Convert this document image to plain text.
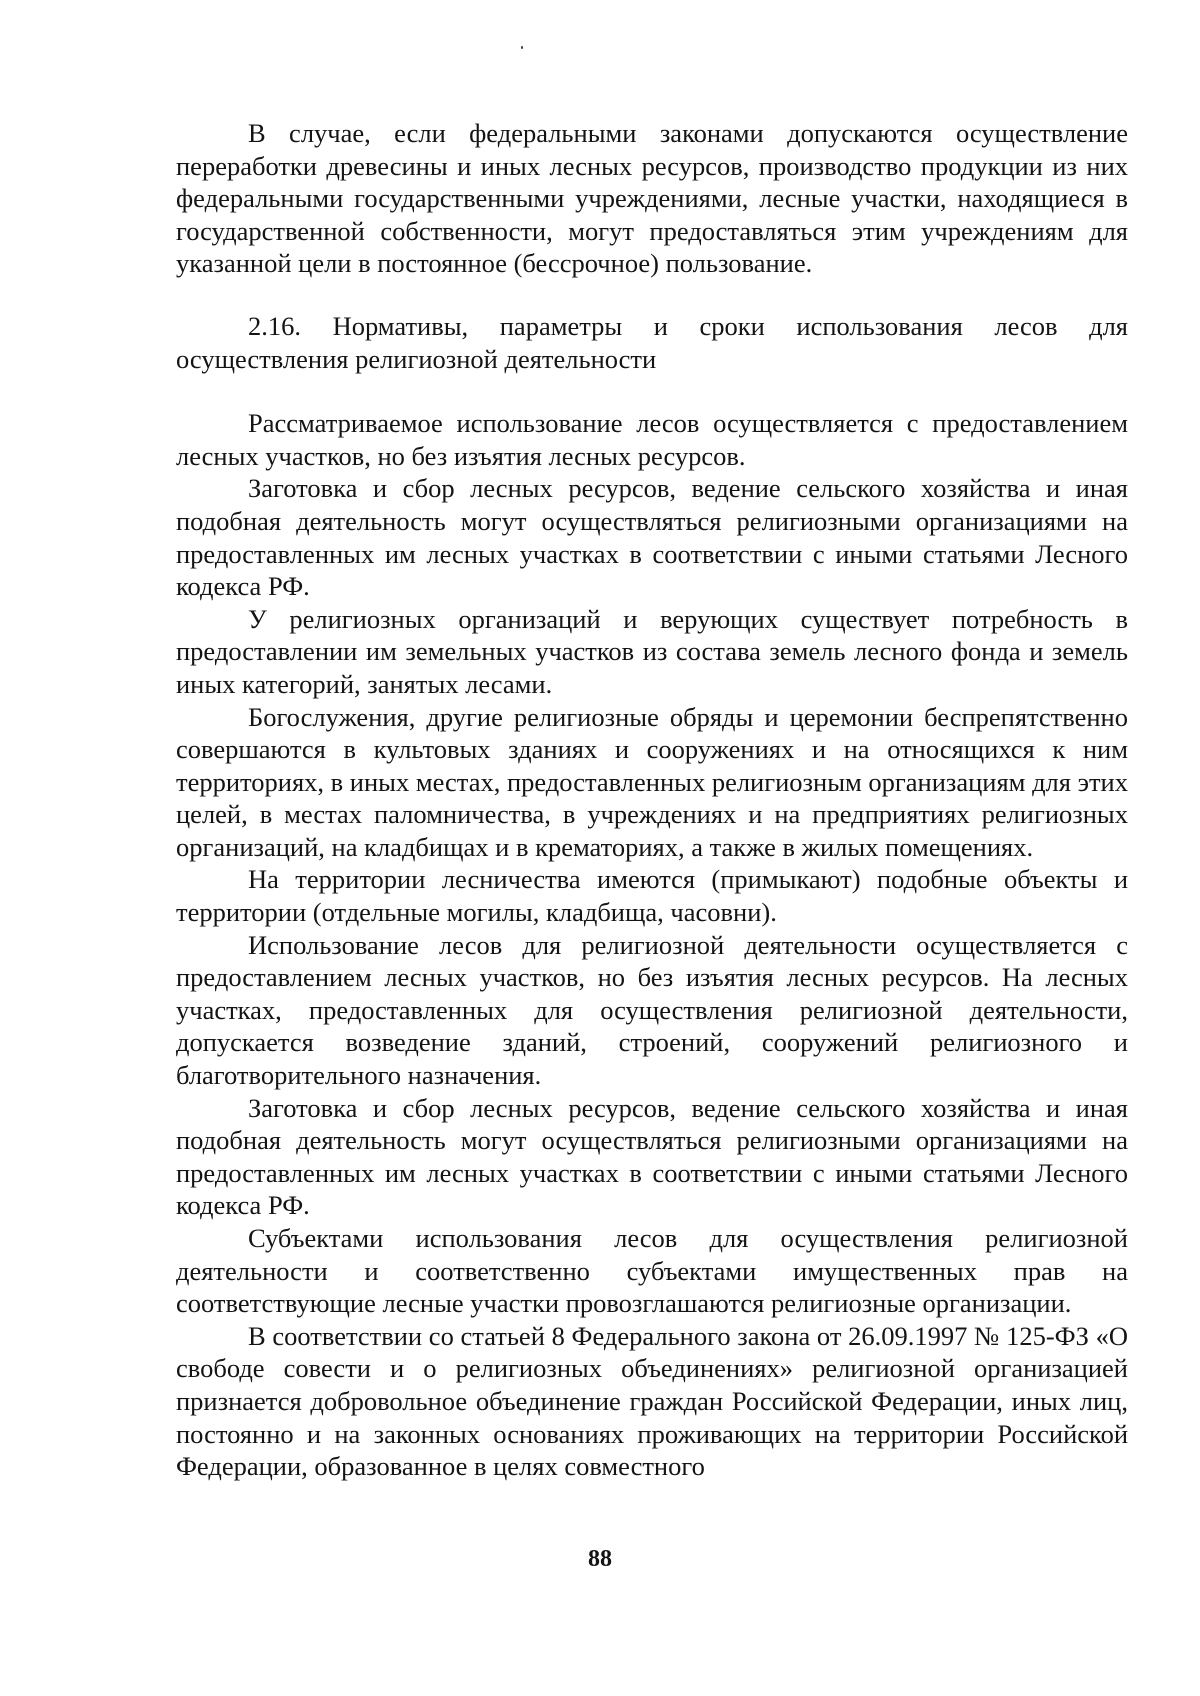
В случае, если федеральными законами допускаются осуществление переработки древесины и иных лесных ресурсов, производство продукции из них федеральными государственными учреждениями, лесные участки, находящиеся в государственной собственности, могут предоставляться этим учреждениям для указанной цели в постоянное (бессрочное) пользование.

2.16. Нормативы, параметры и сроки использования лесов для осуществления религиозной деятельности

Рассматриваемое использование лесов осуществляется с предоставлением лесных участков, но без изъятия лесных ресурсов.

Заготовка и сбор лесных ресурсов, ведение сельского хозяйства и иная подобная деятельность могут осуществляться религиозными организациями на предоставленных им лесных участках в соответствии с иными статьями Лесного кодекса РФ.

У религиозных организаций и верующих существует потребность в предоставлении им земельных участков из состава земель лесного фонда и земель иных категорий, занятых лесами.

Богослужения, другие религиозные обряды и церемонии беспрепятственно совершаются в культовых зданиях и сооружениях и на относящихся к ним территориях, в иных местах, предоставленных религиозным организациям для этих целей, в местах паломничества, в учреждениях и на предприятиях религиозных организаций, на кладбищах и в крематориях, а также в жилых помещениях.

На территории лесничества имеются (примыкают) подобные объекты и территории (отдельные могилы, кладбища, часовни).

Использование лесов для религиозной деятельности осуществляется с предоставлением лесных участков, но без изъятия лесных ресурсов. На лесных участках, предоставленных для осуществления религиозной деятельности, допускается возведение зданий, строений, сооружений религиозного и благотворительного назначения.

Заготовка и сбор лесных ресурсов, ведение сельского хозяйства и иная подобная деятельность могут осуществляться религиозными организациями на предоставленных им лесных участках в соответствии с иными статьями Лесного кодекса РФ.

Субъектами использования лесов для осуществления религиозной деятельности и соответственно субъектами имущественных прав на соответствующие лесные участки провозглашаются религиозные организации.

В соответствии со статьей 8 Федерального закона от 26.09.1997 № 125-ФЗ «О свободе совести и о религиозных объединениях» религиозной организацией признается добровольное объединение граждан Российской Федерации, иных лиц, постоянно и на законных основаниях проживающих на территории Российской Федерации, образованное в целях совместного

88
